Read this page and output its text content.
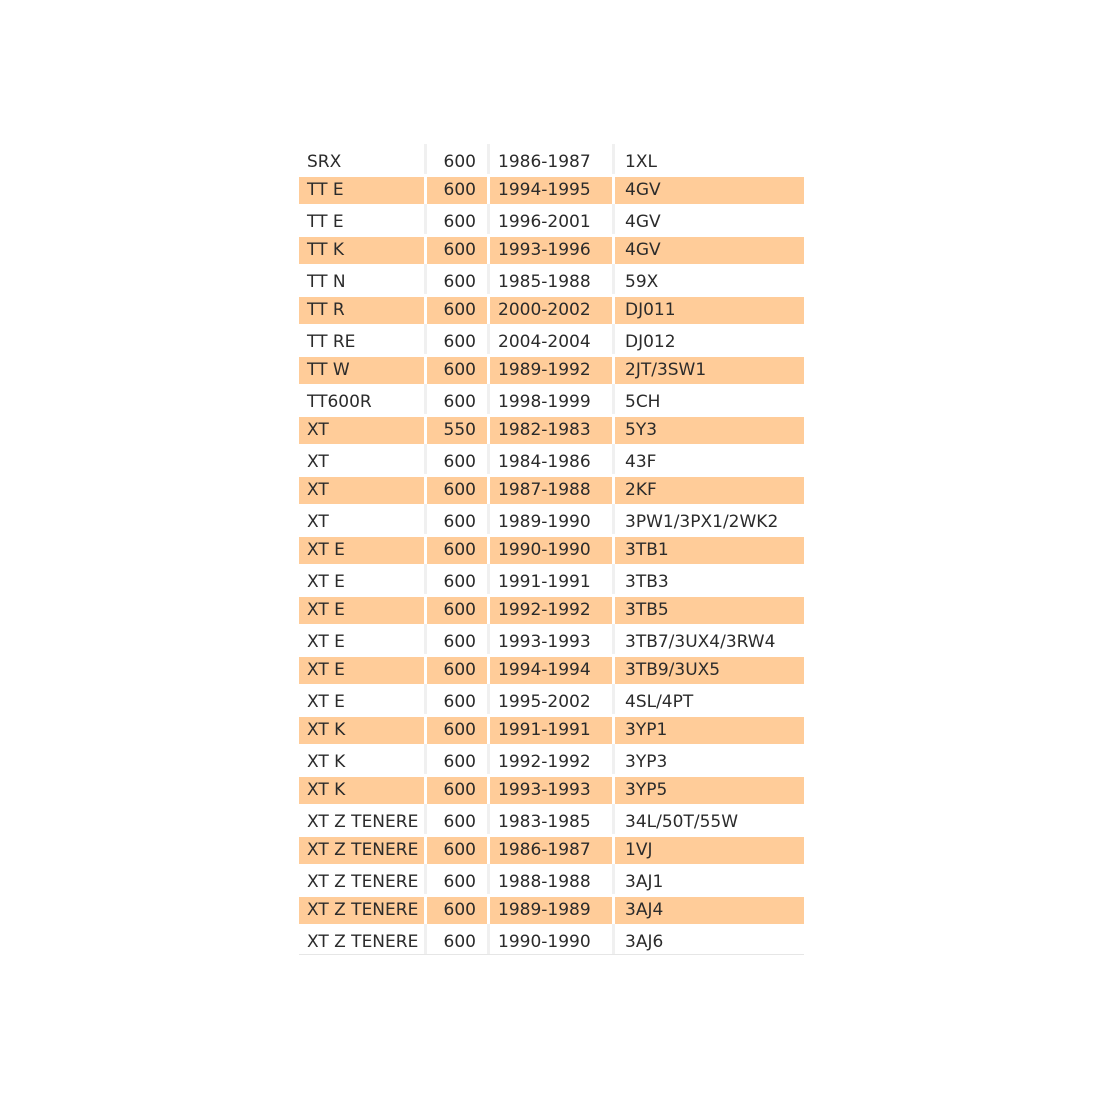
SRX	600	1986-1987	1XL
TT E	600	1994-1995	4GV
TT E	600	1996-2001	4GV
TT K	600	1993-1996	4GV
TT N	600	1985-1988	59X
TT R	600	2000-2002	DJ011
TT RE	600	2004-2004	DJ012
TT W	600	1989-1992	2JT/3SW1
TT600R	600	1998-1999	5CH
XT	550	1982-1983	5Y3
XT	600	1984-1986	43F
XT	600	1987-1988	2KF
XT	600	1989-1990	3PW1/3PX1/2WK2
XT E	600	1990-1990	3TB1
XT E	600	1991-1991	3TB3
XT E	600	1992-1992	3TB5
XT E	600	1993-1993	3TB7/3UX4/3RW4
XT E	600	1994-1994	3TB9/3UX5
XT E	600	1995-2002	4SL/4PT
XT K	600	1991-1991	3YP1
XT K	600	1992-1992	3YP3
XT K	600	1993-1993	3YP5
XT Z TENERE	600	1983-1985	34L/50T/55W
XT Z TENERE	600	1986-1987	1VJ
XT Z TENERE	600	1988-1988	3AJ1
XT Z TENERE	600	1989-1989	3AJ4
XT Z TENERE	600	1990-1990	3AJ6
